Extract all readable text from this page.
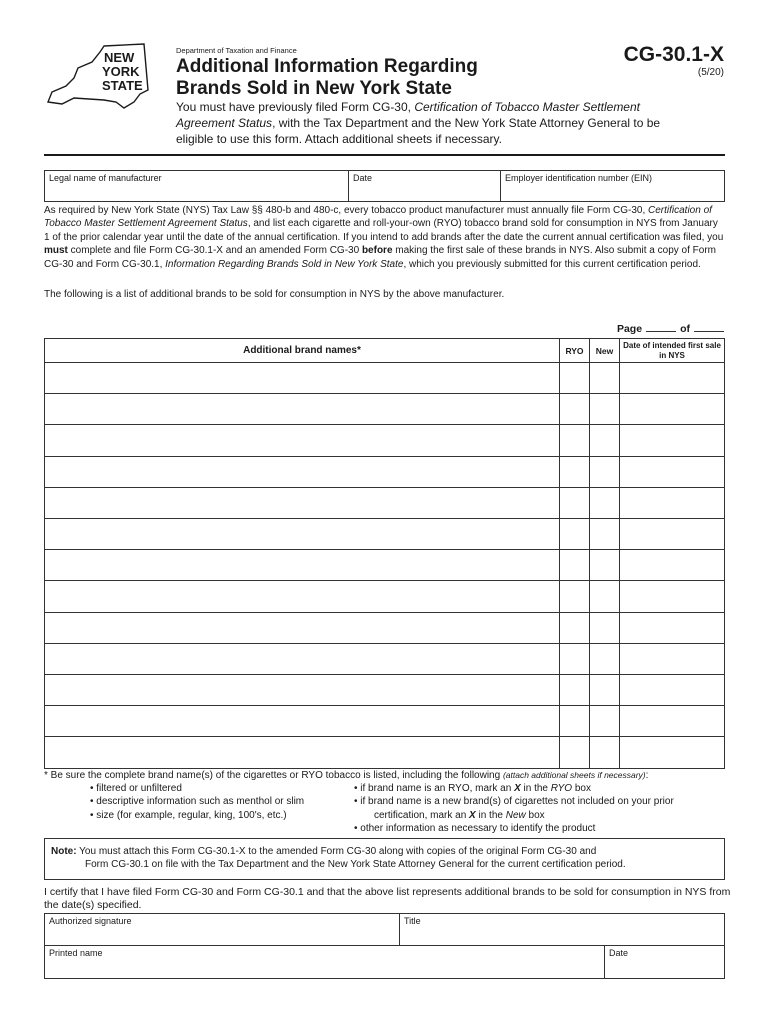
NEW
YORK
STATE
Department of Taxation and Finance
Additional Information Regarding
Brands Sold in New York State
CG-30.1-X
(5/20)
You must have previously filed Form CG-30, Certification of Tobacco Master Settlement Agreement Status, with the Tax Department and the New York State Attorney General to be eligible to use this form. Attach additional sheets if necessary.
Legal name of manufacturer	Date	Employer identification number (EIN)
As required by New York State (NYS) Tax Law §§ 480-b and 480-c, every tobacco product manufacturer must annually file Form CG-30, Certification of Tobacco Master Settlement Agreement Status, and list each cigarette and roll-your-own (RYO) tobacco brand sold for consumption in NYS from January 1 of the prior calendar year until the date of the annual certification. If you intend to add brands after the date the current annual certification was filed, you must complete and file Form CG-30.1-X and an amended Form CG-30 before making the first sale of these brands in NYS. Also submit a copy of Form CG-30 and Form CG-30.1, Information Regarding Brands Sold in New York State, which you previously submitted for this current certification period.
The following is a list of additional brands to be sold for consumption in NYS by the above manufacturer.
Page	of
Additional brand names*	RYO	New	Date of intended first sale in NYS
* Be sure the complete brand name(s) of the cigarettes or RYO tobacco is listed, including the following (attach additional sheets if necessary):
• filtered or unfiltered
• descriptive information such as menthol or slim
• size (for example, regular, king, 100's, etc.)
• if brand name is an RYO, mark an X in the RYO box
• if brand name is a new brand(s) of cigarettes not included on your prior
certification, mark an X in the New box
• other information as necessary to identify the product
Note: You must attach this Form CG-30.1-X to the amended Form CG-30 along with copies of the original Form CG-30 and
Form CG-30.1 on file with the Tax Department and the New York State Attorney General for the current certification period.
I certify that I have filed Form CG-30 and Form CG-30.1 and that the above list represents additional brands to be sold for consumption in NYS from the date(s) specified.
Authorized signature	Title
Printed name	Date
